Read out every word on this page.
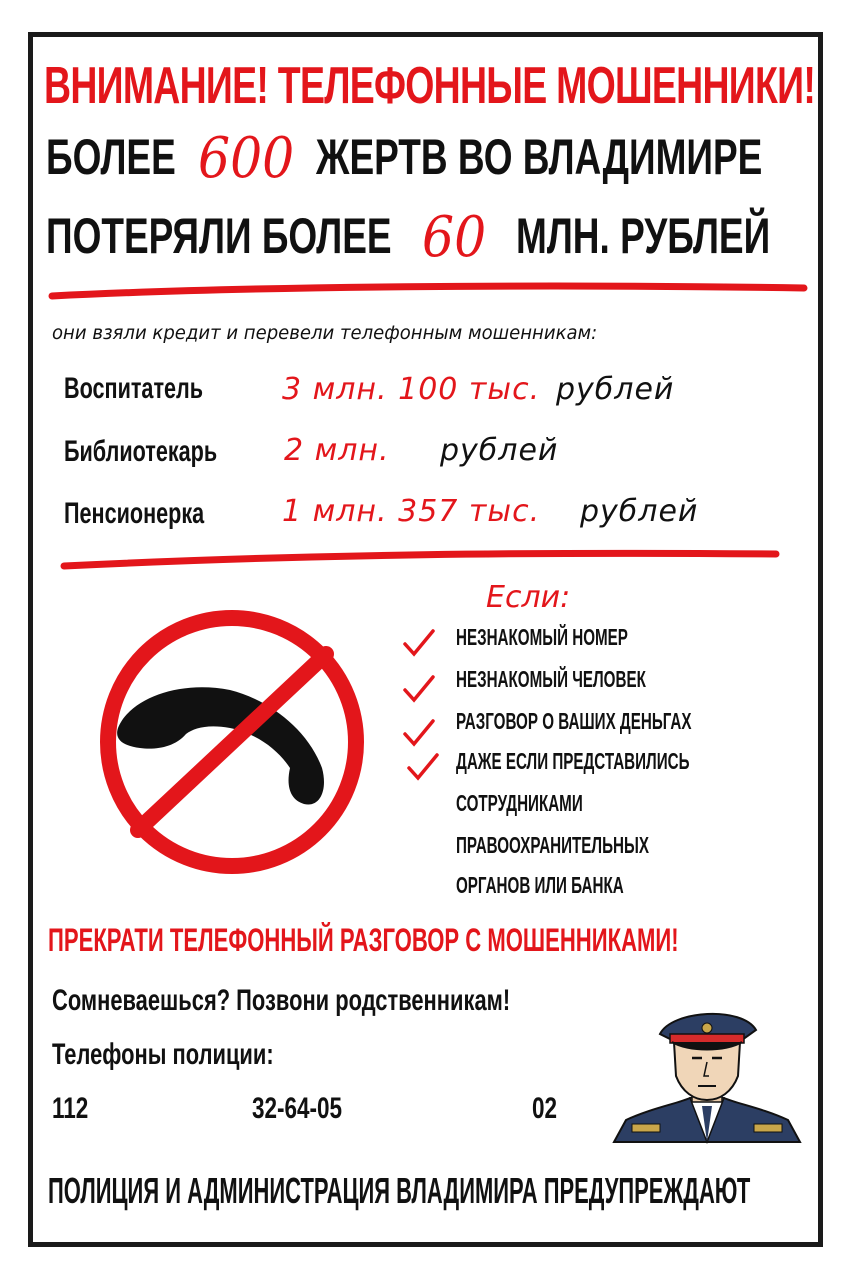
ВНИМАНИЕ! ТЕЛЕФОННЫЕ МОШЕННИКИ!
БОЛЕЕ 600 ЖЕРТВ ВО ВЛАДИМИРЕ
ПОТЕРЯЛИ БОЛЕЕ 60 МЛН. РУБЛЕЙ
они взяли кредит и перевели телефонным мошенникам:
Воспитатель	3 млн. 100 тыс. рублей
Библиотекарь	2 млн. рублей
Пенсионерка	1 млн. 357 тыс. рублей
Если:
НЕЗНАКОМЫЙ НОМЕР
НЕЗНАКОМЫЙ ЧЕЛОВЕК
РАЗГОВОР О ВАШИХ ДЕНЬГАХ
ДАЖЕ ЕСЛИ ПРЕДСТАВИЛИСЬ
СОТРУДНИКАМИ
ПРАВООХРАНИТЕЛЬНЫХ
ОРГАНОВ ИЛИ БАНКА
ПРЕКРАТИ ТЕЛЕФОННЫЙ РАЗГОВОР С МОШЕННИКАМИ!
Сомневаешься? Позвони родственникам!
Телефоны полиции:
112	32-64-05	02
ПОЛИЦИЯ И АДМИНИСТРАЦИЯ ВЛАДИМИРА ПРЕДУПРЕЖДАЮТ
